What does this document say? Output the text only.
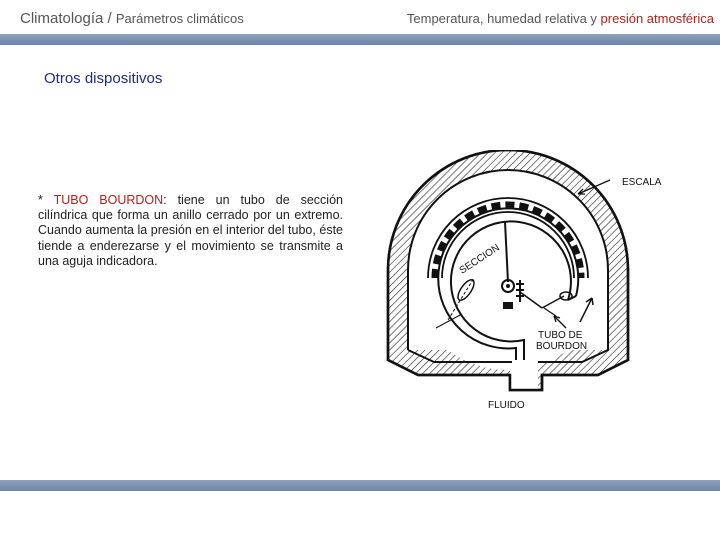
Climatología / Parámetros climáticos	Temperatura, humedad relativa y presión atmosférica
Otros dispositivos
* TUBO BOURDON: tiene un tubo de sección cilíndrica que forma un anillo cerrado por un extremo. Cuando aumenta la presión en el interior del tubo, éste tiende a enderezarse y el movimiento se transmite a una aguja indicadora.
ESCALA
SECCION
TUBO DE
BOURDON
FLUIDO
